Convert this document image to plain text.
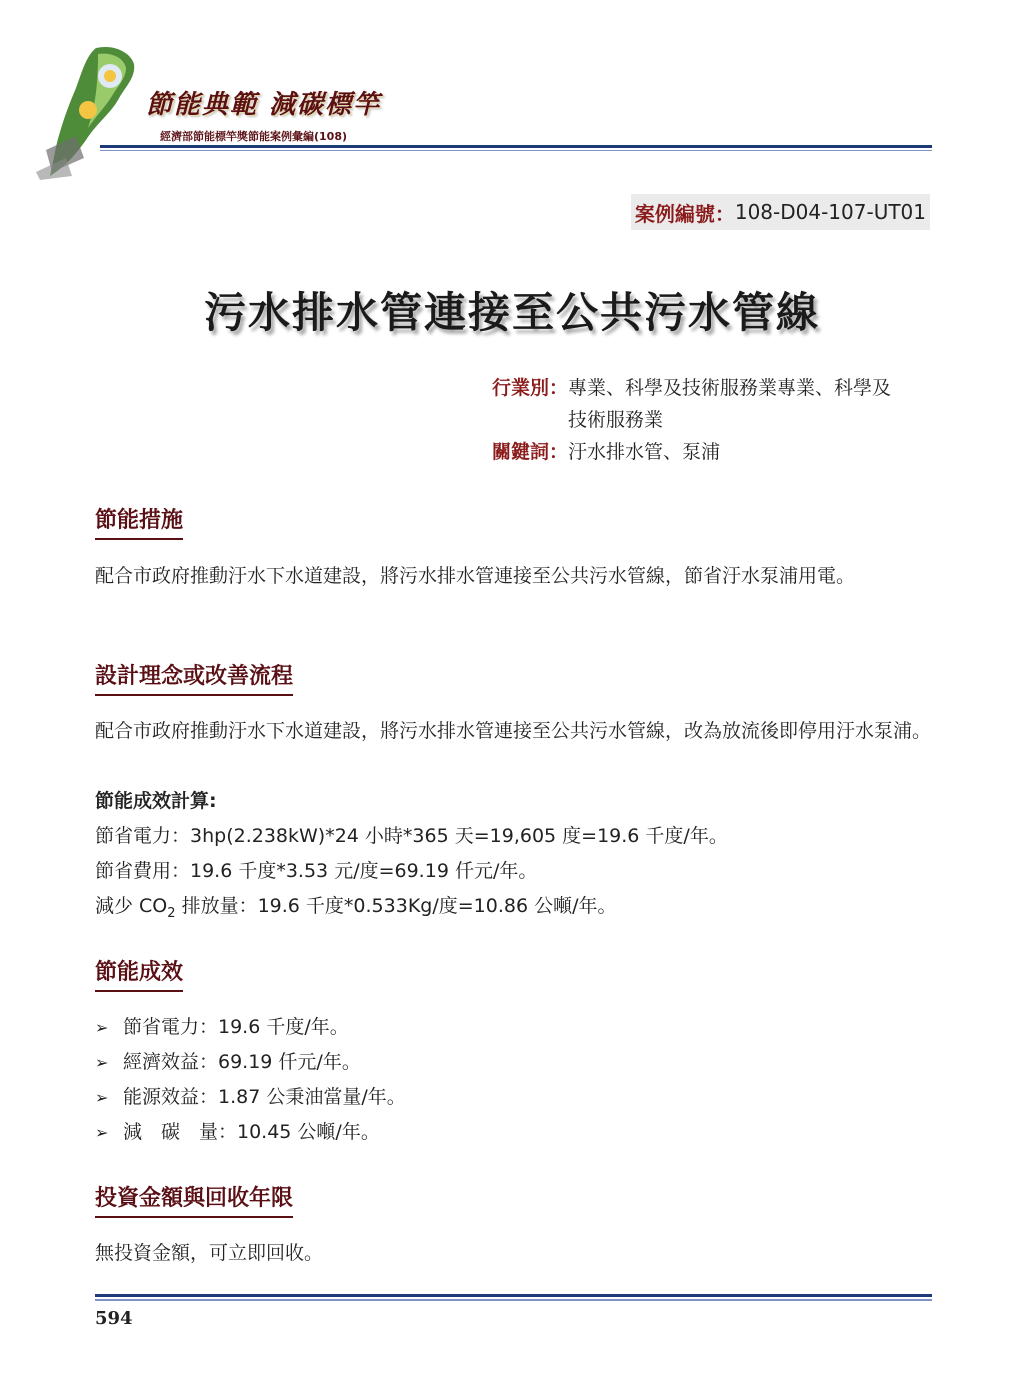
節能典範 減碳標竿
經濟部節能標竿獎節能案例彙編(108)
案例編號： 108-D04-107-UT01
污水排水管連接至公共污水管線
行業別： 專業、科學及技術服務業專業、科學及技術服務業
關鍵詞： 汙水排水管、泵浦
節能措施
配合市政府推動汙水下水道建設，將污水排水管連接至公共污水管線，節省汙水泵浦用電。
設計理念或改善流程
配合市政府推動汙水下水道建設，將污水排水管連接至公共污水管線，改為放流後即停用汙水泵浦。
節能成效計算:
節省電力：3hp(2.238kW)*24 小時*365 天=19,605 度=19.6 千度/年。
節省費用：19.6 千度*3.53 元/度=69.19 仟元/年。
減少 $CO_2$ 排放量：19.6 千度*0.533Kg/度=10.86 公噸/年。
節能成效
➢ 節省電力：19.6 千度/年。
➢ 經濟效益：69.19 仟元/年。
➢ 能源效益：1.87 公秉油當量/年。
➢ 減　碳　量：10.45 公噸/年。
投資金額與回收年限
無投資金額，可立即回收。
594
